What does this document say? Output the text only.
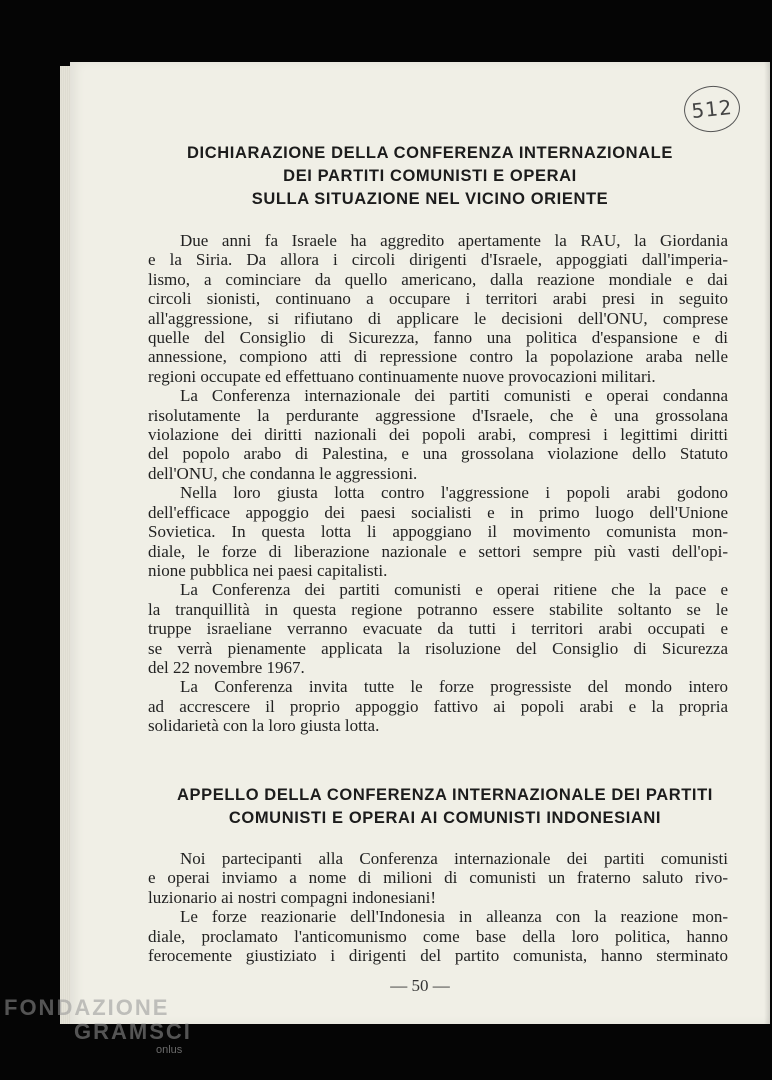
512
DICHIARAZIONE DELLA CONFERENZA INTERNAZIONALE
DEI PARTITI COMUNISTI E OPERAI
SULLA SITUAZIONE NEL VICINO ORIENTE
Due anni fa Israele ha aggredito apertamente la RAU, la Giordania
e la Siria. Da allora i circoli dirigenti d'Israele, appoggiati dall'imperia-
lismo, a cominciare da quello americano, dalla reazione mondiale e dai
circoli sionisti, continuano a occupare i territori arabi presi in seguito
all'aggressione, si rifiutano di applicare le decisioni dell'ONU, comprese
quelle del Consiglio di Sicurezza, fanno una politica d'espansione e di
annessione, compiono atti di repressione contro la popolazione araba nelle
regioni occupate ed effettuano continuamente nuove provocazioni militari.
La Conferenza internazionale dei partiti comunisti e operai condanna
risolutamente la perdurante aggressione d'Israele, che è una grossolana
violazione dei diritti nazionali dei popoli arabi, compresi i legittimi diritti
del popolo arabo di Palestina, e una grossolana violazione dello Statuto
dell'ONU, che condanna le aggressioni.
Nella loro giusta lotta contro l'aggressione i popoli arabi godono
dell'efficace appoggio dei paesi socialisti e in primo luogo dell'Unione
Sovietica. In questa lotta li appoggiano il movimento comunista mon-
diale, le forze di liberazione nazionale e settori sempre più vasti dell'opi-
nione pubblica nei paesi capitalisti.
La Conferenza dei partiti comunisti e operai ritiene che la pace e
la tranquillità in questa regione potranno essere stabilite soltanto se le
truppe israeliane verranno evacuate da tutti i territori arabi occupati e
se verrà pienamente applicata la risoluzione del Consiglio di Sicurezza
del 22 novembre 1967.
La Conferenza invita tutte le forze progressiste del mondo intero
ad accrescere il proprio appoggio fattivo ai popoli arabi e la propria
solidarietà con la loro giusta lotta.
APPELLO DELLA CONFERENZA INTERNAZIONALE DEI PARTITI
COMUNISTI E OPERAI AI COMUNISTI INDONESIANI
Noi partecipanti alla Conferenza internazionale dei partiti comunisti
e operai inviamo a nome di milioni di comunisti un fraterno saluto rivo-
luzionario ai nostri compagni indonesiani!
Le forze reazionarie dell'Indonesia in alleanza con la reazione mon-
diale, proclamato l'anticomunismo come base della loro politica, hanno
ferocemente giustiziato i dirigenti del partito comunista, hanno sterminato
— 50 —
FONDAZIONE
GRAMSCI
onlus
